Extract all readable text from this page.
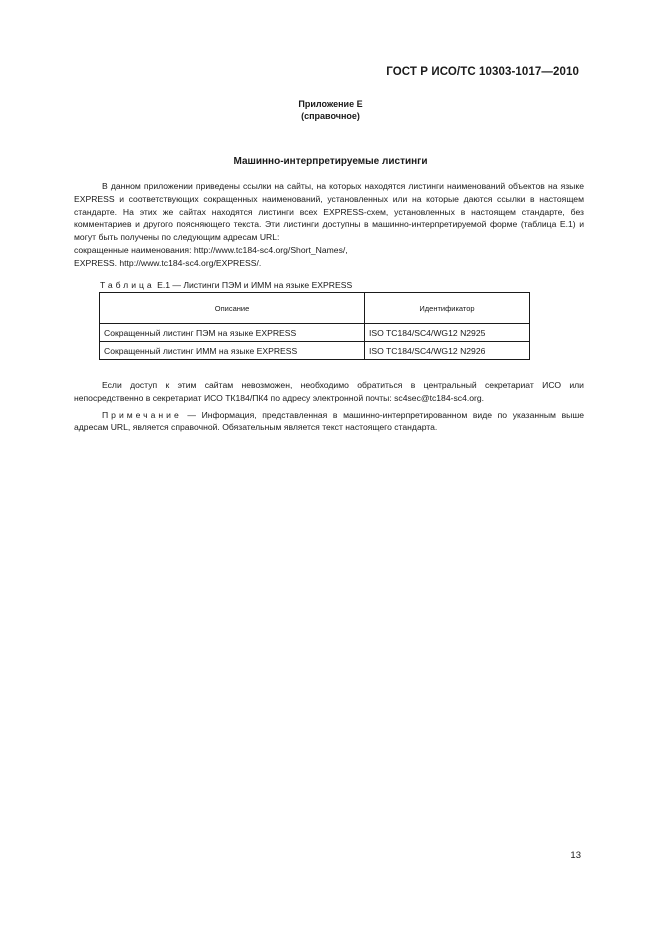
ГОСТ Р ИСО/ТС 10303-1017—2010
Приложение Е
(справочное)
Машинно-интерпретируемые листинги

В данном приложении приведены ссылки на сайты, на которых находятся листинги наименований объектов на языке EXPRESS и соответствующих сокращенных наименований, установленных или на которые даются ссылки в настоящем стандарте. На этих же сайтах находятся листинги всех EXPRESS-схем, установленных в настоящем стандарте, без комментариев и другого поясняющего текста. Эти листинги доступны в машинно-интерпретируемой форме (таблица Е.1) и могут быть получены по следующим адресам URL:

сокращенные наименования: http://www.tc184-sc4.org/Short_Names/,

EXPRESS. http://www.tc184-sc4.org/EXPRESS/.

Таблица Е.1 — Листинги ПЭМ и ИММ на языке EXPRESS
Описание	Идентификатор
Сокращенный листинг ПЭМ на языке EXPRESS	ISO TC184/SC4/WG12 N2925
Сокращенный листинг ИММ на языке EXPRESS	ISO TC184/SC4/WG12 N2926

Если доступ к этим сайтам невозможен, необходимо обратиться в центральный секретариат ИСО или непосредственно в секретариат ИСО ТК184/ПК4 по адресу электронной почты: sc4sec@tc184-sc4.org.

Примечание — Информация, представленная в машинно-интерпретированном виде по указанным выше адресам URL, является справочной. Обязательным является текст настоящего стандарта.

13
